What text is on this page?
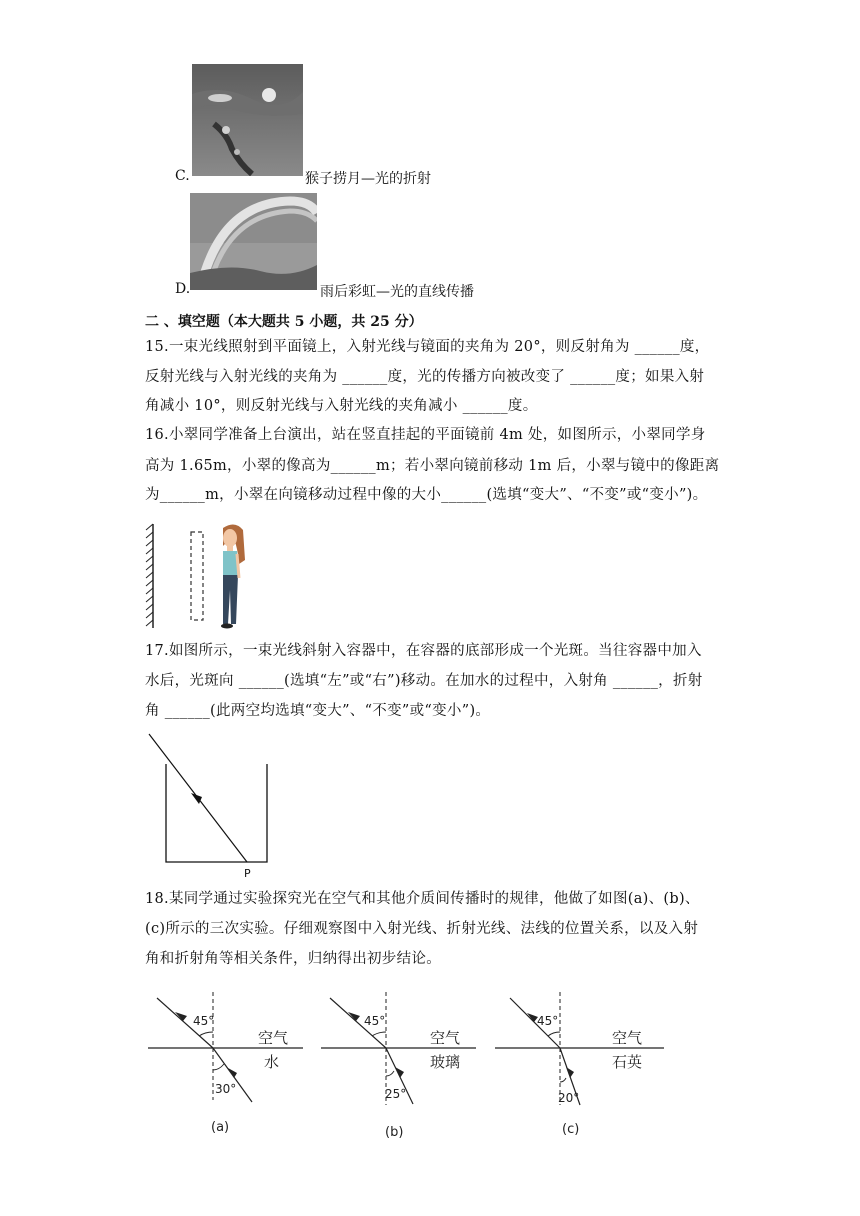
C.	猴子捞月—光的折射
D.	雨后彩虹—光的直线传播
二 、填空题（本大题共 5 小题，共 25 分）
15.一束光线照射到平面镜上，入射光线与镜面的夹角为 20°，则反射角为 ______度，
反射光线与入射光线的夹角为 ______度，光的传播方向被改变了 ______度；如果入射
角减小 10°，则反射光线与入射光线的夹角减小 ______度。
16.小翠同学准备上台演出，站在竖直挂起的平面镜前 4m 处，如图所示，小翠同学身
高为 1.65m，小翠的像高为______m；若小翠向镜前移动 1m 后，小翠与镜中的像距离
为______m，小翠在向镜移动过程中像的大小______(选填“变大”、“不变”或“变小”)。
17.如图所示，一束光线斜射入容器中，在容器的底部形成一个光斑。当往容器中加入
水后，光斑向 ______(选填“左”或“右”)移动。在加水的过程中，入射角 ______，折射
角 ______(此两空均选填“变大”、“不变”或“变小”)。
P
18.某同学通过实验探究光在空气和其他介质间传播时的规律，他做了如图(a)、(b)、
(c)所示的三次实验。仔细观察图中入射光线、折射光线、法线的位置关系，以及入射
角和折射角等相关条件，归纳得出初步结论。
45°
30°
空气
水
(a)
45°
25°
空气
玻璃
(b)
45°
20°
空气
石英
(c)
